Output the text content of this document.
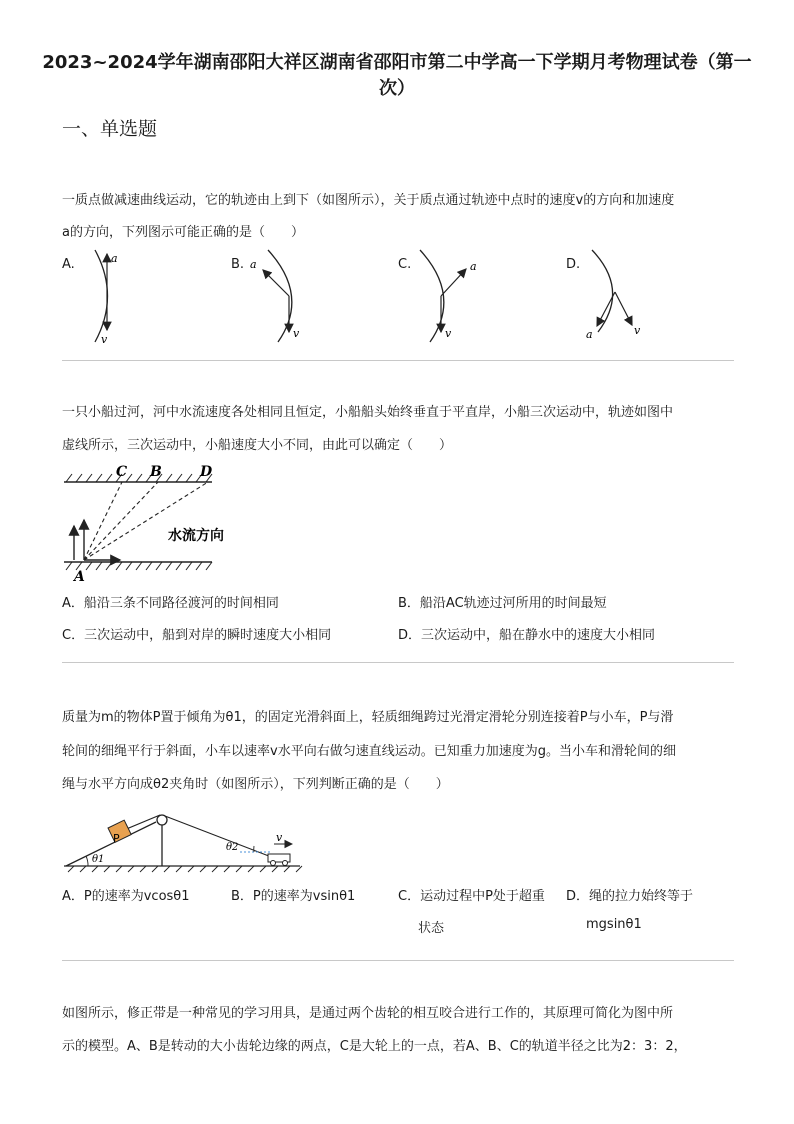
2023~2024学年湖南邵阳大祥区湖南省邵阳市第二中学高一下学期月考物理试卷（第一次）
一、单选题
一质点做减速曲线运动，它的轨迹由上到下（如图所示），关于质点通过轨迹中点时的速度v的方向和加速度
a的方向，下列图示可能正确的是（　　）
A.	B.	C.	D.
a
v
a
v
a
v	a	v
一只小船过河，河中水流速度各处相同且恒定，小船船头始终垂直于平直岸，小船三次运动中，轨迹如图中
虚线所示，三次运动中，小船速度大小不同，由此可以确定（　　）
C B	D
A
水流方向
A．船沿三条不同路径渡河的时间相同	B．船沿AC轨迹过河所用的时间最短
C．三次运动中，船到对岸的瞬时速度大小相同	D．三次运动中，船在静水中的速度大小相同
质量为m的物体P置于倾角为θ1，的固定光滑斜面上，轻质细绳跨过光滑定滑轮分别连接着P与小车，P与滑
轮间的细绳平行于斜面，小车以速率v水平向右做匀速直线运动。已知重力加速度为g。当小车和滑轮间的细
绳与水平方向成θ2夹角时（如图所示），下列判断正确的是（　　）
P	v
θ1
θ2
A．P的速率为vcosθ1	B．P的速率为vsinθ1	C．运动过程中P处于超重
状态
D．绳的拉力始终等于
mgsinθ1
如图所示，修正带是一种常见的学习用具，是通过两个齿轮的相互咬合进行工作的，其原理可简化为图中所
示的模型。A、B是转动的大小齿轮边缘的两点，C是大轮上的一点，若A、B、C的轨道半径之比为2：3：2，
